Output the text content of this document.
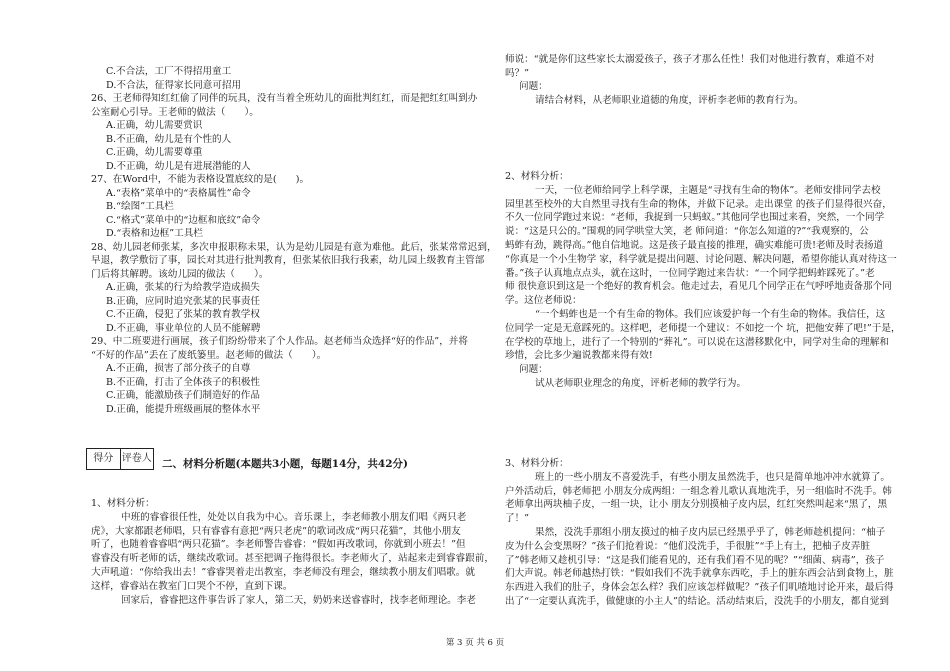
C.不合法，工厂不得招用童工
D.不合法，征得家长同意可招用
26、王老师得知红红偷了同伴的玩具，没有当着全班幼儿的面批判红红，而是把红红叫到办
公室耐心引导。王老师的做法（　　）。
A.正确，幼儿需要赏识
B.不正确，幼儿是有个性的人
C.正确，幼儿需要尊重
D.不正确，幼儿是有进展潜能的人
27、在Word中，不能为表格设置底纹的是(　　)。
A.“表格”菜单中的“表格属性”命令
B.“绘图”工具栏
C.“格式”菜单中的“边框和底纹”命令
D.“表格和边框”工具栏
28、幼儿园老师张某，多次申报职称未果，认为是幼儿园是有意为难他。此后，张某常常迟到，
早退，教学敷衍了事，园长对其进行批判教育，但张某依旧我行我素，幼儿园上级教育主管部
门后将其解聘。该幼儿园的做法（　　）。
A.正确，张某的行为给教学造成损失
B.正确，应同时追究张某的民事责任
C.不正确，侵犯了张某的教育教学权
D.不正确，事业单位的人员不能解聘
29、中二班要进行画展，孩子们纷纷带来了个人作品。赵老师当众选择“好的作品”，并将
“不好的作品”丢在了废纸篓里。赵老师的做法（　　）。
A.不正确，损害了部分孩子的自尊
B.不正确，打击了全体孩子的积极性
C.正确，能激励孩子们制造好的作品
D.正确，能提升班级画展的整体水平
得分 评卷人 二、材料分析题(本题共3小题，每题14分，共42分)
1、材料分析：
中班的睿睿很任性，处处以自我为中心。音乐课上，李老师教小朋友们唱《两只老
虎》，大家都跟老师唱，只有睿睿有意把“两只老虎”的歌词改成“两只花猫”，其他小朋友
听了，也随着睿睿唱“两只花猫”。李老师警告睿睿：“假如再改歌词，你就到小班去！”但
睿睿没有听老师的话，继续改歌词。甚至把调子拖得很长。李老师火了，站起来走到睿睿跟前，
大声吼道：“你给我出去！”睿睿哭着走出教室，李老师没有理会，继续教小朋友们唱歌。就
这样，睿睿站在教室门口哭个不停，直到下课。
回家后，睿睿把这件事告诉了家人，第二天，奶奶来送睿睿时，找李老师理论。李老
师说：“就是你们这些家长太溺爱孩子，孩子才那么任性！我们对他进行教育，难道不对
吗？”
问题：
请结合材料，从老师职业道德的角度，评析李老师的教育行为。
2、材料分析：
一天，一位老师给同学上科学课，主题是“寻找有生命的物体”。老师安排同学去校
园里甚至校外的大自然里寻找有生命的物体，并做下记录。走出课堂 的孩子们显得很兴奋，
不久一位同学跑过来说：“老师，我捉到一只蚂蚁。”其他同学也围过来看，突然，一个同学
说：“这是只公的。”围观的同学哄堂大笑，老 师问道：“你怎么知道的?”“我观察的，公
蚂蚱有劲，跳得高。”他自信地说。这是孩子最直接的推理，确实难能可贵!老师及时表扬道
“你真是一个小生物学 家，科学就是提出问题、讨论问题、解决问题，希望你能认真对待这一
番。”孩子认真地点点头，就在这时，一位同学跑过来告状：“一个同学把蚂蚱踩死了。”老
师 很快意识到这是一个绝好的教育机会。他走过去，看见几个同学正在气呼呼地责备那个同
学。这位老师说：
“一个蚂蚱也是一个有生命的物体。我们应该爱护每一个有生命的物体。我信任，这
位同学一定是无意踩死的。这样吧，老师提一个建议：不如挖一个 坑，把他安葬了吧!”于是，
在学校的草地上，进行了一个特别的“葬礼”。可以说在这潜移默化中，同学对生命的理解和
珍惜，会比多少遍说教都来得有效!
问题：
试从老师职业理念的角度，评析老师的教学行为。
3、材料分析：
班上的一些小朋友不喜爱洗手，有些小朋友虽然洗手，也只是简单地冲冲水就算了。
户外活动后，韩老师把 小朋友分成两组：一组念着儿歌认真地洗手，另一组临时不洗手。韩
老师拿出两块柚子皮，一组一块，让小 朋友分别摸柚子皮内层，红红突然叫起来“黑了，黑
了！”
果然，没洗手那组小朋友摸过的柚子皮内层已经黑乎乎了，韩老师趁机提问：“柚子
皮为什么会变黑呀？”孩子们抢着说：“他们没洗手，手很脏”“手上有土，把柚子皮弄脏
了”韩老师又趁机引导：“这是我们能看见的，还有我们看不见的呢？”“细菌、病毒”，孩子
们大声说。韩老师越热打铁：“假如我们不洗手就拿东西吃，手上的脏东西会沾到食物上，脏
东西进入我们的肚子，身体会怎么样？我们应该怎样做呢？”孩子们叽喳地讨论开来，最后得
出了“一定要认真洗手，做健康的小主人”的结论。活动结束后，没洗手的小朋友，都自觉到
第 3 页 共 6 页
